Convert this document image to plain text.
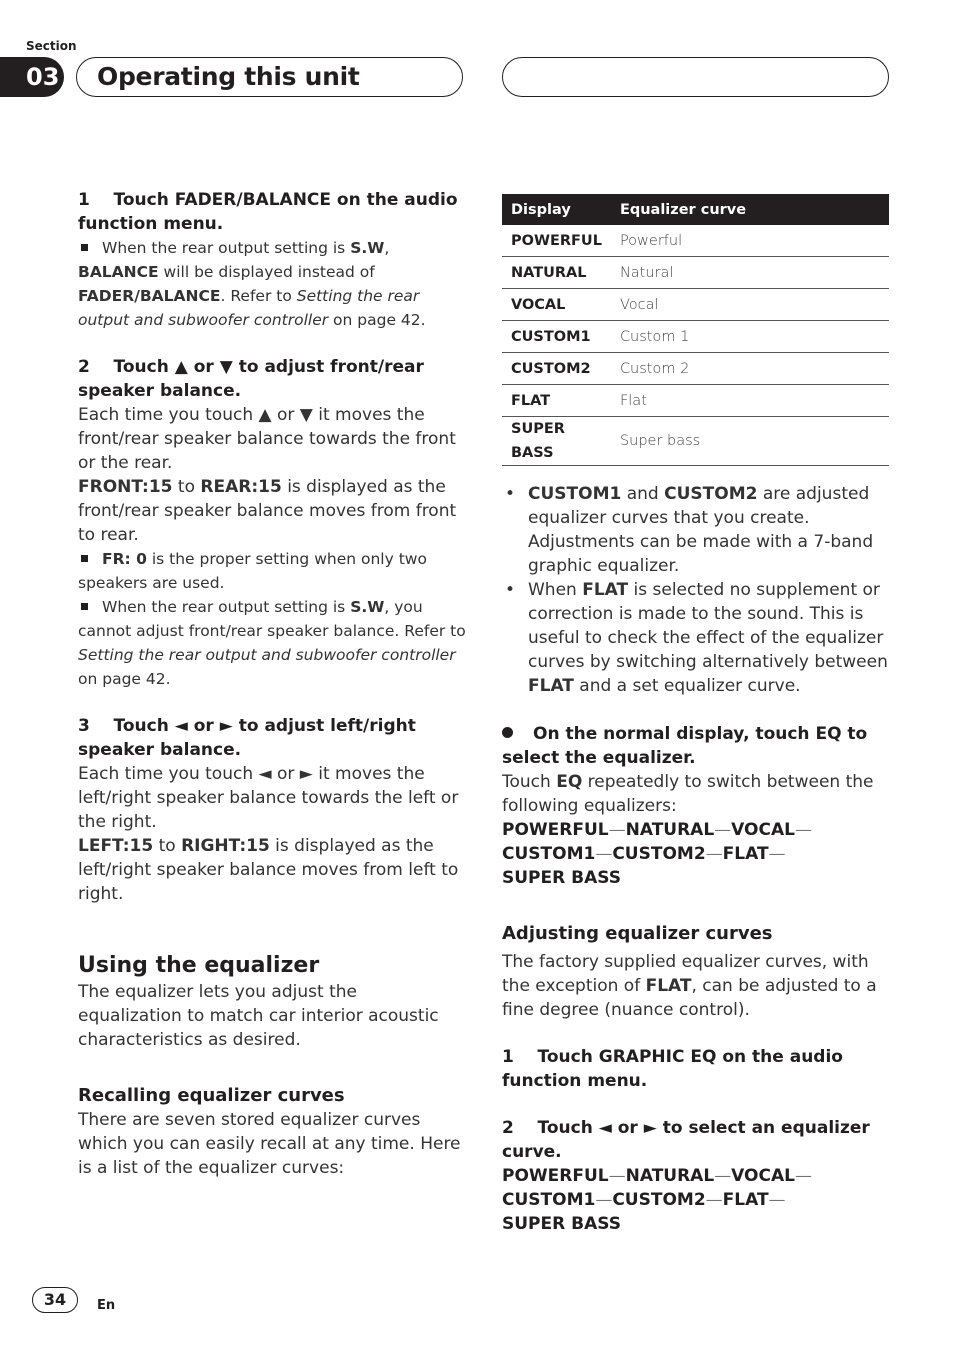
Section
03 Operating this unit

1 Touch FADER/BALANCE on the audio function menu.

When the rear output setting is S.W,
BALANCE will be displayed instead of
FADER/BALANCE. Refer to Setting the rear output and subwoofer controller on page 42.

2 Touch ▲ or ▼ to adjust front/rear speaker balance.

Each time you touch ▲ or ▼ it moves the front/rear speaker balance towards the front or the rear.

FRONT:15 to REAR:15 is displayed as the front/rear speaker balance moves from front to rear.

FR: 0 is the proper setting when only two speakers are used.

When the rear output setting is S.W, you cannot adjust front/rear speaker balance. Refer to Setting the rear output and subwoofer controller on page 42.

3 Touch ◄ or ► to adjust left/right speaker balance.

Each time you touch ◄ or ► it moves the left/right speaker balance towards the left or the right.

LEFT:15 to RIGHT:15 is displayed as the left/right speaker balance moves from left to right.

Using the equalizer

The equalizer lets you adjust the equalization to match car interior acoustic characteristics as desired.

Recalling equalizer curves

There are seven stored equalizer curves which you can easily recall at any time. Here is a list of the equalizer curves:

Display	Equalizer curve
POWERFUL	Powerful
NATURAL	Natural
VOCAL	Vocal
CUSTOM1	Custom 1
CUSTOM2	Custom 2
FLAT	Flat
SUPER BASS	Super bass

• CUSTOM1 and CUSTOM2 are adjusted equalizer curves that you create. Adjustments can be made with a 7-band graphic equalizer.

• When FLAT is selected no supplement or correction is made to the sound. This is useful to check the effect of the equalizer curves by switching alternatively between FLAT and a set equalizer curve.

On the normal display, touch EQ to select the equalizer.

Touch EQ repeatedly to switch between the following equalizers:

POWERFUL—NATURAL—VOCAL—
CUSTOM1—CUSTOM2—FLAT—
SUPER BASS

Adjusting equalizer curves

The factory supplied equalizer curves, with the exception of FLAT, can be adjusted to a fine degree (nuance control).

1 Touch GRAPHIC EQ on the audio function menu.

2 Touch ◄ or ► to select an equalizer curve.

POWERFUL—NATURAL—VOCAL—
CUSTOM1—CUSTOM2—FLAT—
SUPER BASS

34	En
